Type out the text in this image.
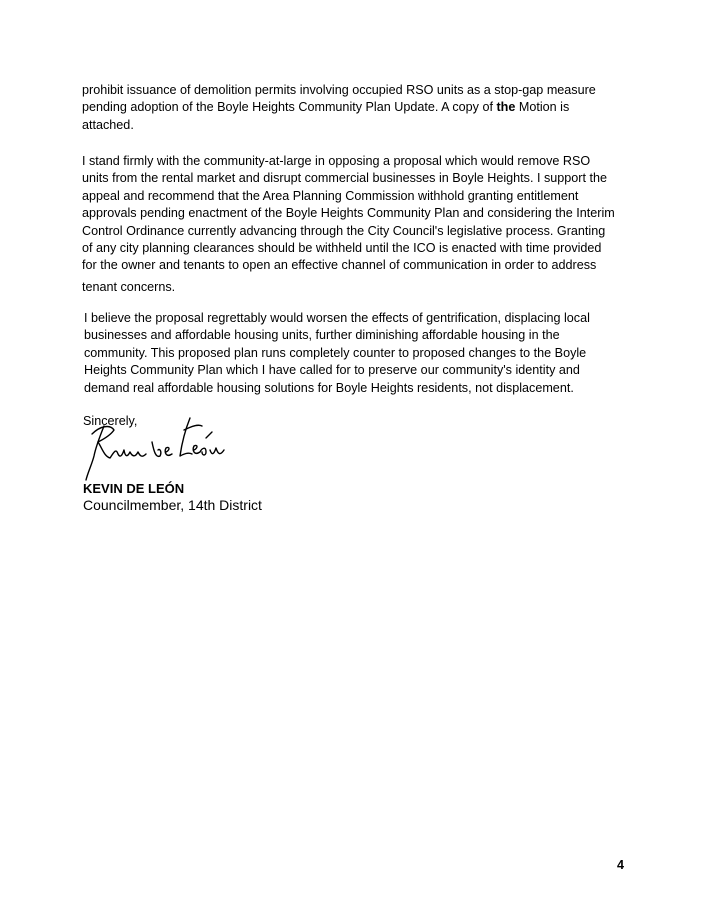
prohibit issuance of demolition permits involving occupied RSO units as a stop-gap measure
pending adoption of the Boyle Heights Community Plan Update. A copy of the Motion is
attached.

I stand firmly with the community-at-large in opposing a proposal which would remove RSO
units from the rental market and disrupt commercial businesses in Boyle Heights. I support the
appeal and recommend that the Area Planning Commission withhold granting entitlement
approvals pending enactment of the Boyle Heights Community Plan and considering the Interim
Control Ordinance currently advancing through the City Council's legislative process. Granting
of any city planning clearances should be withheld until the ICO is enacted with time provided
for the owner and tenants to open an effective channel of communication in order to address
tenant concerns.

I believe the proposal regrettably would worsen the effects of gentrification, displacing local
businesses and affordable housing units, further diminishing affordable housing in the
community. This proposed plan runs completely counter to proposed changes to the Boyle
Heights Community Plan which I have called for to preserve our community's identity and
demand real affordable housing solutions for Boyle Heights residents, not displacement.

Sincerely,
KEVIN DE LEÓN
Councilmember, 14th District
4
